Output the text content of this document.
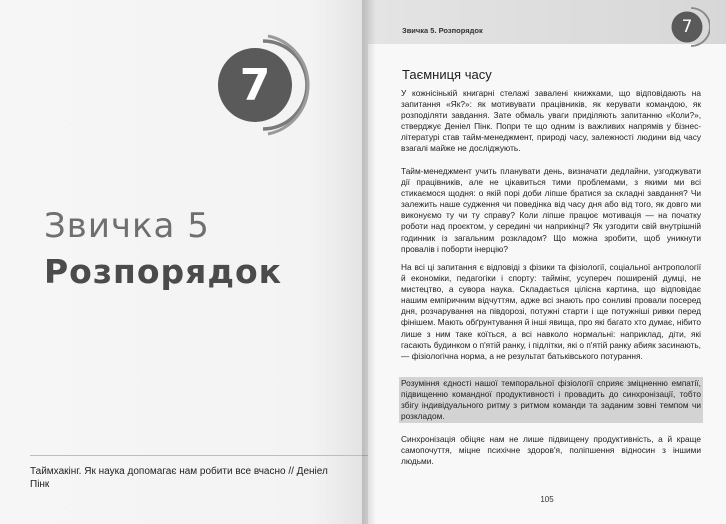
7
Звичка 5
Розпорядок
Таймхакінг. Як наука допомагає нам робити все вчасно // Деніел Пінк
Звичка 5. Розпорядок	7
Таємниця часу

У кожнісінькій книгарні стелажі завалені книжками, що відповідають на запитання «Як?»: як мотивувати працівників, як керувати командою, як розподіляти завдання. Зате обмаль уваги приділяють запитанню «Коли?», стверджує Деніел Пінк. Попри те що одним із важливих напрямів у бізнес-літературі став тайм-менеджмент, природі часу, залежності людини від часу взагалі майже не досліджують.

Тайм-менеджмент учить планувати день, визначати дедлайни, узгоджувати дії працівників, але не цікавиться тими проблемами, з якими ми всі стикаємося щодня: о якій порі доби ліпше братися за складні завдання? Чи залежить наше судження чи поведінка від часу дня або від того, як довго ми виконуємо ту чи ту справу? Коли ліпше працює мотивація — на початку роботи над проєктом, у середині чи наприкінці? Як узгодити свій внутрішній годинник із загальним розкладом? Що можна зробити, щоб уникнути провалів і поборти інерцію?

На всі ці запитання є відповіді з фізики та фізіології, соціальної антропології й економіки, педагогіки і спорту: таймінг, усупереч поширеній думці, не мистецтво, а сувора наука. Складається цілісна картина, що відповідає нашим емпіричним відчуттям, адже всі знають про сонливі провали посеред дня, розчарування на півдорозі, потужні старти і ще потужніші ривки перед фінішем. Мають обґрунтування й інші явища, про які багато хто думає, нібито лише з ним таке коїться, а всі навколо нормальні: наприклад, діти, які гасають будинком о п'ятій ранку, і підлітки, які о п'ятій ранку абияк засинають, — фізіологічна норма, а не результат батьківського потурання.

Розуміння єдності нашої темпоральної фізіології сприяє зміцненню емпатії, підвищенню командної продуктивності і провадить до синхронізації, тобто збігу індивідуального ритму з ритмом команди та заданим зовні темпом чи розкладом.

Синхронізація обіцяє нам не лише підвищену продуктивність, а й краще самопочуття, міцне психічне здоров'я, поліпшення відносин з іншими людьми.

105
